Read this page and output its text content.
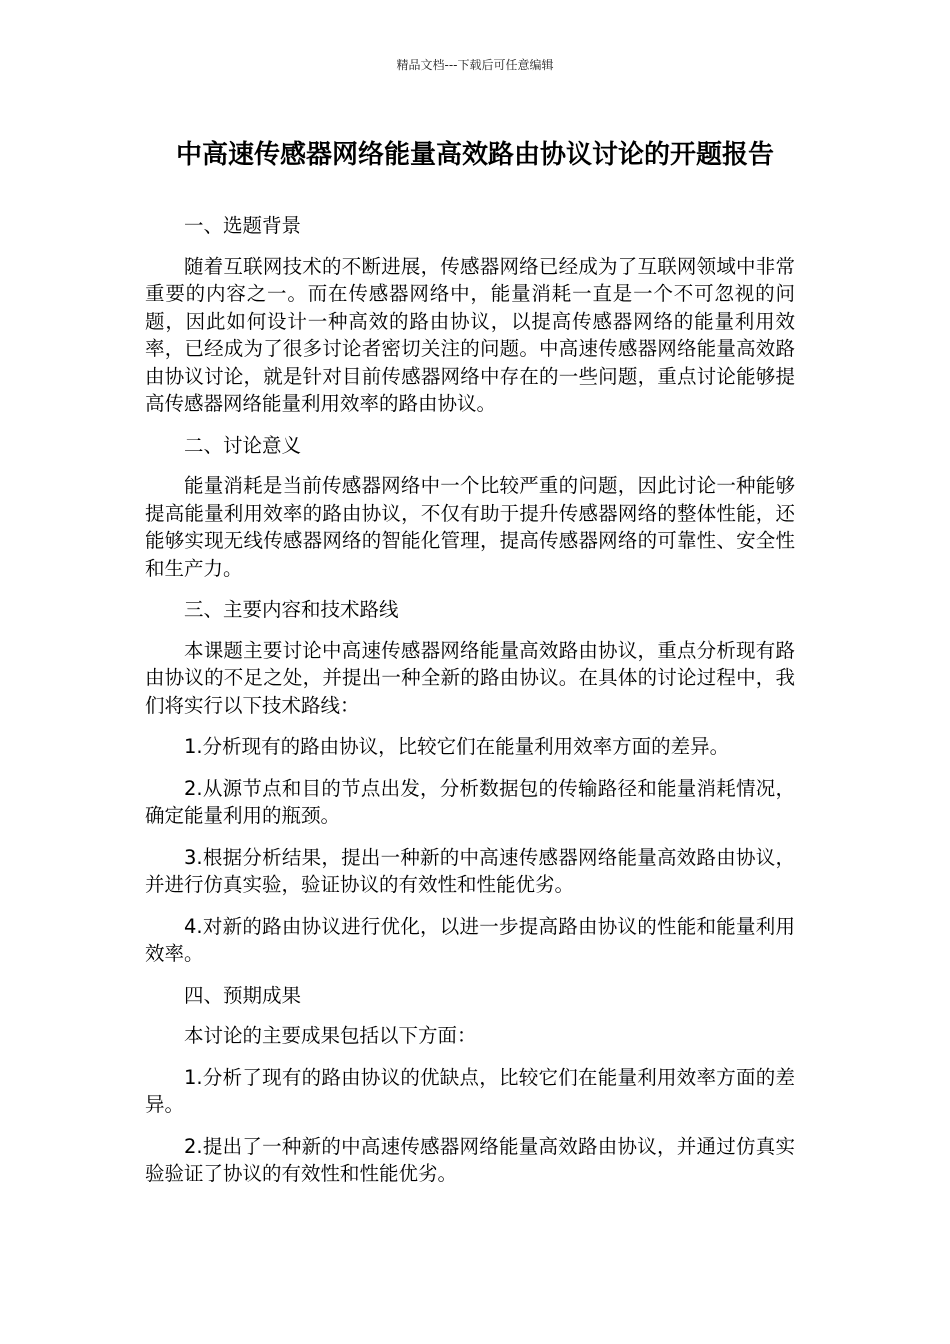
精品文档---下载后可任意编辑
中高速传感器网络能量高效路由协议讨论的开题报告

一、选题背景

随着互联网技术的不断进展，传感器网络已经成为了互联网领域中非常重要的内容之一。而在传感器网络中，能量消耗一直是一个不可忽视的问题，因此如何设计一种高效的路由协议，以提高传感器网络的能量利用效率，已经成为了很多讨论者密切关注的问题。中高速传感器网络能量高效路由协议讨论，就是针对目前传感器网络中存在的一些问题，重点讨论能够提高传感器网络能量利用效率的路由协议。

二、讨论意义

能量消耗是当前传感器网络中一个比较严重的问题，因此讨论一种能够提高能量利用效率的路由协议，不仅有助于提升传感器网络的整体性能，还能够实现无线传感器网络的智能化管理，提高传感器网络的可靠性、安全性和生产力。

三、主要内容和技术路线

本课题主要讨论中高速传感器网络能量高效路由协议，重点分析现有路由协议的不足之处，并提出一种全新的路由协议。在具体的讨论过程中，我们将实行以下技术路线：

1.分析现有的路由协议，比较它们在能量利用效率方面的差异。

2.从源节点和目的节点出发，分析数据包的传输路径和能量消耗情况，确定能量利用的瓶颈。

3.根据分析结果，提出一种新的中高速传感器网络能量高效路由协议，并进行仿真实验，验证协议的有效性和性能优劣。

4.对新的路由协议进行优化，以进一步提高路由协议的性能和能量利用效率。

四、预期成果

本讨论的主要成果包括以下方面：

1.分析了现有的路由协议的优缺点，比较它们在能量利用效率方面的差异。

2.提出了一种新的中高速传感器网络能量高效路由协议，并通过仿真实验验证了协议的有效性和性能优劣。
